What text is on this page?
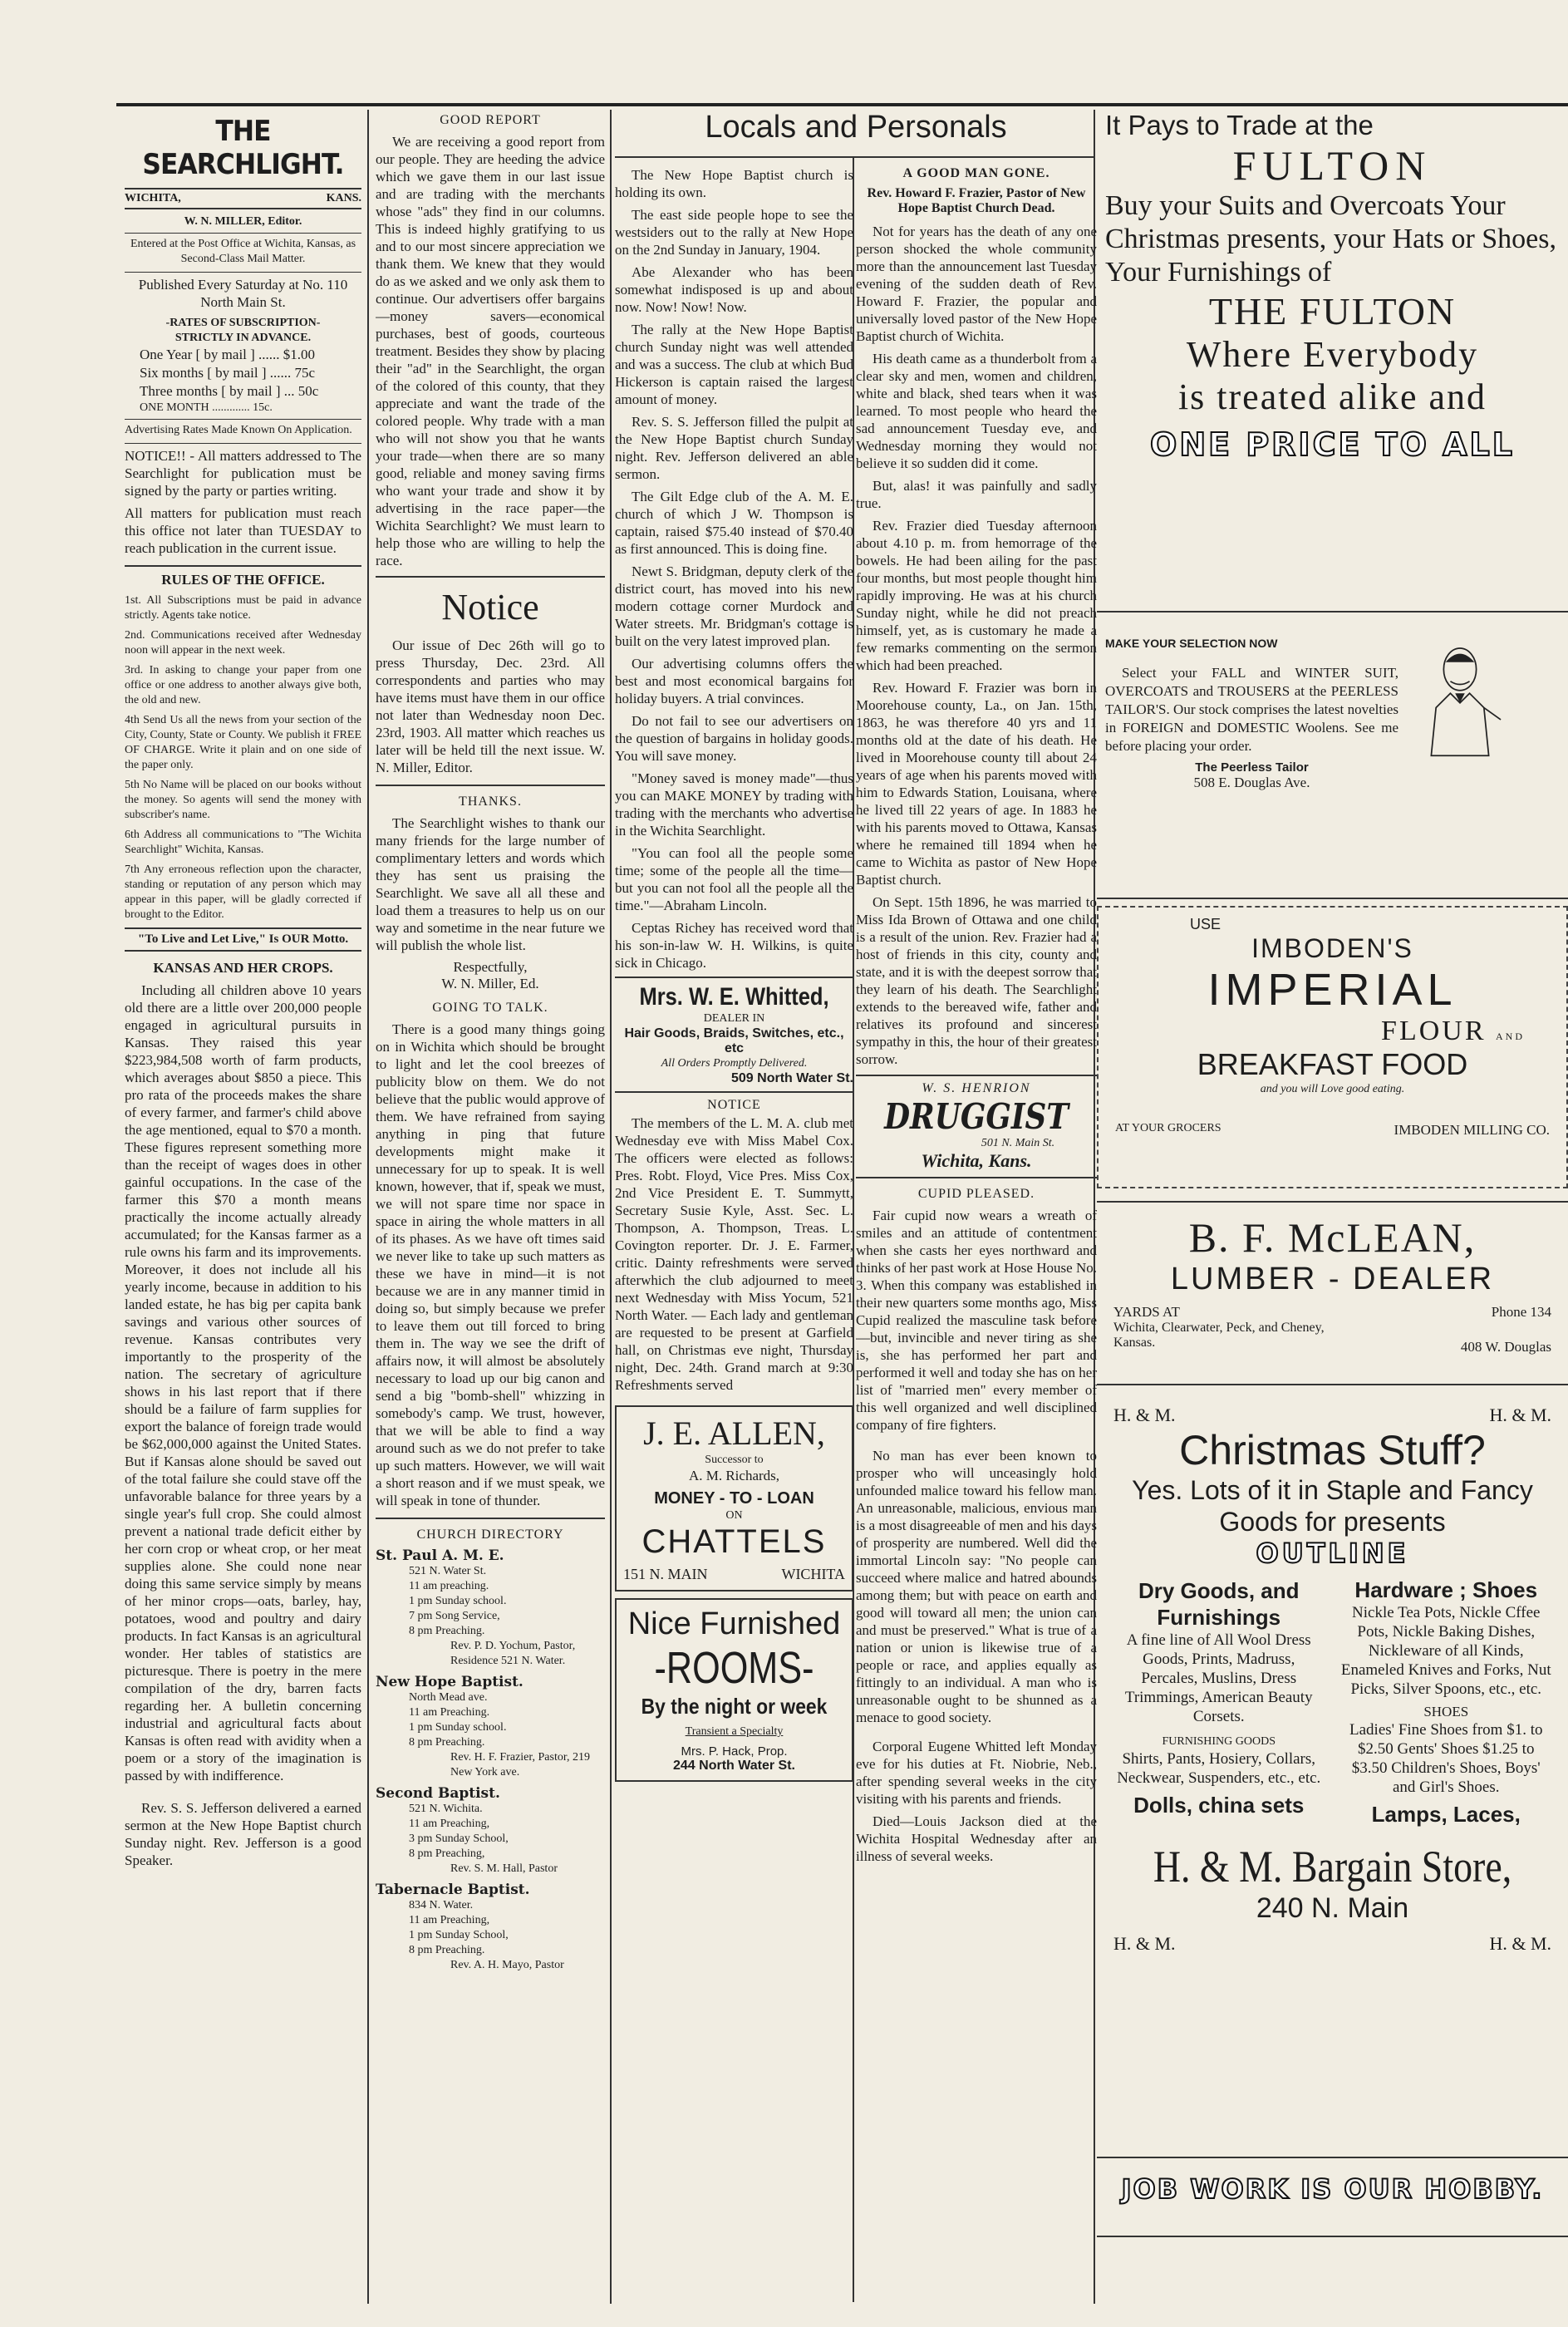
THE SEARCHLIGHT.
WICHITA,	KANS.
W. N. MILLER, Editor.

Entered at the Post Office at Wichita, Kansas, as Second-Class Mail Matter.

Published Every Saturday at No. 110 North Main St.

-RATES OF SUBSCRIPTION-
STRICTLY IN ADVANCE.
One Year [ by mail ] ...... $1.00
Six months [ by mail ] ...... 75c
Three months [ by mail ] ... 50c
ONE MONTH ............. 15c.

Advertising Rates Made Known On Application.

NOTICE!! - All matters addressed to The Searchlight for publication must be signed by the party or parties writing.

All matters for publication must reach this office not later than TUESDAY to reach publication in the current issue.

RULES OF THE OFFICE.

1st. All Subscriptions must be paid in advance strictly. Agents take notice.

2nd. Communications received after Wednesday noon will appear in the next week.

3rd. In asking to change your paper from one office or one address to another always give both, the old and new.

4th Send Us all the news from your section of the City, County, State or County. We publish it FREE OF CHARGE. Write it plain and on one side of the paper only.

5th No Name will be placed on our books without the money. So agents will send the money with subscriber's name.

6th Address all communications to "The Wichita Searchlight" Wichita, Kansas.

7th Any erroneous reflection upon the character, standing or reputation of any person which may appear in this paper, will be gladly corrected if brought to the Editor.

"To Live and Let Live," Is OUR Motto.
KANSAS AND HER CROPS.

Including all children above 10 years old there are a little over 200,000 people engaged in agricultural pursuits in Kansas. They raised this year $223,984,508 worth of farm products, which averages about $850 a piece. This pro rata of the proceeds makes the share of every farmer, and farmer's child above the age mentioned, equal to $70 a month. These figures represent something more than the receipt of wages does in other gainful occupations. In the case of the farmer this $70 a month means practically the income actually already accumulated; for the Kansas farmer as a rule owns his farm and its improvements. Moreover, it does not include all his yearly income, because in addition to his landed estate, he has big per capita bank savings and various other sources of revenue. Kansas contributes very importantly to the prosperity of the nation. The secretary of agriculture shows in his last report that if there should be a failure of farm supplies for export the balance of foreign trade would be $62,000,000 against the United States. But if Kansas alone should be saved out of the total failure she could stave off the unfavorable balance for three years by a single year's full crop. She could almost prevent a national trade deficit either by her corn crop or wheat crop, or her meat supplies alone. She could none near doing this same service simply by means of her minor crops—oats, barley, hay, potatoes, wood and poultry and dairy products. In fact Kansas is an agricultural wonder. Her tables of statistics are picturesque. There is poetry in the mere compilation of the dry, barren facts regarding her. A bulletin concerning industrial and agricultural facts about Kansas is often read with avidity when a poem or a story of the imagination is passed by with indifference.

Rev. S. S. Jefferson delivered a earned sermon at the New Hope Baptist church Sunday night. Rev. Jefferson is a good Speaker.

GOOD REPORT

We are receiving a good report from our people. They are heeding the advice which we gave them in our last issue and are trading with the merchants whose "ads" they find in our columns. This is indeed highly gratifying to us and to our most sincere appreciation we thank them. We knew that they would do as we asked and we only ask them to continue. Our advertisers offer bargains—money savers—economical purchases, best of goods, courteous treatment. Besides they show by placing their "ad" in the Searchlight, the organ of the colored of this county, that they appreciate and want the trade of the colored people. Why trade with a man who will not show you that he wants your trade—when there are so many good, reliable and money saving firms who want your trade and show it by advertising in the race paper—the Wichita Searchlight? We must learn to help those who are willing to help the race.

Notice

Our issue of Dec 26th will go to press Thursday, Dec. 23rd. All correspondents and parties who may have items must have them in our office not later than Wednesday noon Dec. 23rd, 1903. All matter which reaches us later will be held till the next issue. W. N. Miller, Editor.

THANKS.

The Searchlight wishes to thank our many friends for the large number of complimentary letters and words which they has sent us praising the Searchlight. We save all all these and load them a treasures to help us on our way and sometime in the near future we will publish the whole list.

Respectfully,
W. N. Miller, Ed.
GOING TO TALK.

There is a good many things going on in Wichita which should be brought to light and let the cool breezes of publicity blow on them. We do not believe that the public would approve of them. We have refrained from saying anything in ping that future developments might make it unnecessary for up to speak. It is well known, however, that if, speak we must, we will not spare time nor space in space in airing the whole matters in all of its phases. As we have oft times said we never like to take up such matters as these we have in mind—it is not because we are in any manner timid in doing so, but simply because we prefer to leave them out till forced to bring them in. The way we see the drift of affairs now, it will almost be absolutely necessary to load up our big canon and send a big "bomb-shell" whizzing in somebody's camp. We trust, however, that we will be able to find a way around such as we do not prefer to take up such matters. However, we will wait a short reason and if we must speak, we will speak in tone of thunder.

CHURCH DIRECTORY
St. Paul A. M. E.
521 N. Water St.
11 am preaching.
1 pm Sunday school.
7 pm Song Service,
8 pm Preaching.
Rev. P. D. Yochum, Pastor, Residence 521 N. Water.
New Hope Baptist.
North Mead ave.
11 am Preaching.
1 pm Sunday school.
8 pm Preaching.
Rev. H. F. Frazier, Pastor, 219 New York ave.
Second Baptist.
521 N. Wichita.
11 am Preaching,
3 pm Sunday School,
8 pm Preaching,
Rev. S. M. Hall, Pastor
Tabernacle Baptist.
834 N. Water.
11 am Preaching,
1 pm Sunday School,
8 pm Preaching.
Rev. A. H. Mayo, Pastor
Locals and Personals

The New Hope Baptist church is holding its own.

The east side people hope to see the westsiders out to the rally at New Hope on the 2nd Sunday in January, 1904.

Abe Alexander who has been somewhat indisposed is up and about now. Now! Now! Now.

The rally at the New Hope Baptist church Sunday night was well attended and was a success. The club at which Bud Hickerson is captain raised the largest amount of money.

Rev. S. S. Jefferson filled the pulpit at the New Hope Baptist church Sunday night. Rev. Jefferson delivered an able sermon.

The Gilt Edge club of the A. M. E. church of which J W. Thompson is captain, raised $75.40 instead of $70.40 as first announced. This is doing fine.

Newt S. Bridgman, deputy clerk of the district court, has moved into his new modern cottage corner Murdock and Water streets. Mr. Bridgman's cottage is built on the very latest improved plan.

Our advertising columns offers the best and most economical bargains for holiday buyers. A trial convinces.

Do not fail to see our advertisers on the question of bargains in holiday goods. You will save money.

"Money saved is money made"—thus you can MAKE MONEY by trading with trading with the merchants who advertise in the Wichita Searchlight.

"You can fool all the people some time; some of the people all the time—but you can not fool all the people all the time."—Abraham Lincoln.

Ceptas Richey has received word that his son-in-law W. H. Wilkins, is quite sick in Chicago.

Mrs. W. E. Whitted,
DEALER IN
Hair Goods, Braids, Switches, etc., etc
All Orders Promptly Delivered.
509 North Water St.
NOTICE

The members of the L. M. A. club met Wednesday eve with Miss Mabel Cox. The officers were elected as follows: Pres. Robt. Floyd, Vice Pres. Miss Cox, 2nd Vice President E. T. Summytt, Secretary Susie Kyle, Asst. Sec. L. Thompson, A. Thompson, Treas. L. Covington reporter. Dr. J. E. Farmer, critic. Dainty refreshments were served afterwhich the club adjourned to meet next Wednesday with Miss Yocum, 521 North Water. — Each lady and gentleman are requested to be present at Garfield hall, on Christmas eve night, Thursday night, Dec. 24th. Grand march at 9:30 Refreshments served

J. E. ALLEN,
Successor to
A. M. Richards,
MONEY - TO - LOAN
ON
CHATTELS
151 N. MAIN	WICHITA
Nice Furnished
-ROOMS-
By the night or week
Transient a Specialty
Mrs. P. Hack, Prop.
244 North Water St.
A GOOD MAN GONE.
Rev. Howard F. Frazier, Pastor of New Hope Baptist Church Dead.

Not for years has the death of any one person shocked the whole community more than the announcement last Tuesday evening of the sudden death of Rev. Howard F. Frazier, the popular and universally loved pastor of the New Hope Baptist church of Wichita.

His death came as a thunderbolt from a clear sky and men, women and children, white and black, shed tears when it was learned. To most people who heard the sad announcement Tuesday eve, and Wednesday morning they would not believe it so sudden did it come.

But, alas! it was painfully and sadly true.

Rev. Frazier died Tuesday afternoon about 4.10 p. m. from hemorrage of the bowels. He had been ailing for the past four months, but most people thought him rapidly improving. He was at his church Sunday night, while he did not preach himself, yet, as is customary he made a few remarks commenting on the sermon which had been preached.

Rev. Howard F. Frazier was born in Moorehouse county, La., on Jan. 15th, 1863, he was therefore 40 yrs and 11 months old at the date of his death. He lived in Moorehouse county till about 24 years of age when his parents moved with him to Edwards Station, Louisana, where he lived till 22 years of age. In 1883 he with his parents moved to Ottawa, Kansas where he remained till 1894 when he came to Wichita as pastor of New Hope Baptist church.

On Sept. 15th 1896, he was married to Miss Ida Brown of Ottawa and one child is a result of the union. Rev. Frazier had a host of friends in this city, county and state, and it is with the deepest sorrow that they learn of his death. The Searchlight extends to the bereaved wife, father and relatives its profound and sincerest sympathy in this, the hour of their greatest sorrow.

W. S. HENRION
DRUGGIST
501 N. Main St.
Wichita, Kans.
CUPID PLEASED.

Fair cupid now wears a wreath of smiles and an attitude of contentment when she casts her eyes northward and thinks of her past work at Hose House No. 3. When this company was established in their new quarters some months ago, Miss Cupid realized the masculine task before—but, invincible and never tiring as she is, she has performed her part and performed it well and today she has on her list of "married men" every member of this well organized and well disciplined company of fire fighters.

No man has ever been known to prosper who will unceasingly hold unfounded malice toward his fellow man. An unreasonable, malicious, envious man is a most disagreeable of men and his days of prosperity are numbered. Well did the immortal Lincoln say: "No people can succeed where malice and hatred abounds among them; but with peace on earth and good will toward all men; the union can and must be preserved." What is true of a nation or union is likewise true of a people or race, and applies equally as fittingly to an individual. A man who is unreasonable ought to be shunned as a menace to good society.

Corporal Eugene Whitted left Monday eve for his duties at Ft. Niobrie, Neb., after spending several weeks in the city visiting with his parents and friends.

Died—Louis Jackson died at the Wichita Hospital Wednesday after an illness of several weeks.

It Pays to Trade at the
FULTON
Buy your Suits and Overcoats Your Christmas presents, your Hats or Shoes, Your Furnishings of
THE FULTON
Where Everybody
is treated alike and
ONE PRICE TO ALL
MAKE YOUR SELECTION NOW

Select your FALL and WINTER SUIT, OVERCOATS and TROUSERS at the PEERLESS TAILOR'S. Our stock comprises the latest novelties in FOREIGN and DOMESTIC Woolens. See me before placing your order.

The Peerless Tailor
508 E. Douglas Ave.
USE
IMBODEN'S
IMPERIAL
FLOUR AND
BREAKFAST FOOD
and you will Love good eating.
AT YOUR GROCERS	IMBODEN MILLING CO.
B. F. McLEAN,
LUMBER - DEALER
YARDS AT
Wichita, Clearwater, Peck, and Cheney, Kansas.
Phone 134
408 W. Douglas
H. & M.	H. & M.
Christmas Stuff?
Yes. Lots of it in Staple and Fancy Goods for presents
OUTLINE
Dry Goods, and Furnishings

A fine line of All Wool Dress Goods, Prints, Madruss, Percales, Muslins, Dress Trimmings, American Beauty Corsets.

FURNISHING GOODS

Shirts, Pants, Hosiery, Collars, Neckwear, Suspenders, etc., etc.

Dolls, china sets
Hardware ; Shoes

Nickle Tea Pots, Nickle Cffee Pots, Nickle Baking Dishes, Nickleware of all Kinds, Enameled Knives and Forks, Nut Picks, Silver Spoons, etc., etc.

SHOES

Ladies' Fine Shoes from $1. to $2.50 Gents' Shoes $1.25 to $3.50 Children's Shoes, Boys' and Girl's Shoes.

Lamps, Laces,
H. & M. Bargain Store,
240 N. Main
H. & M.	H. & M.
JOB WORK IS OUR HOBBY.
